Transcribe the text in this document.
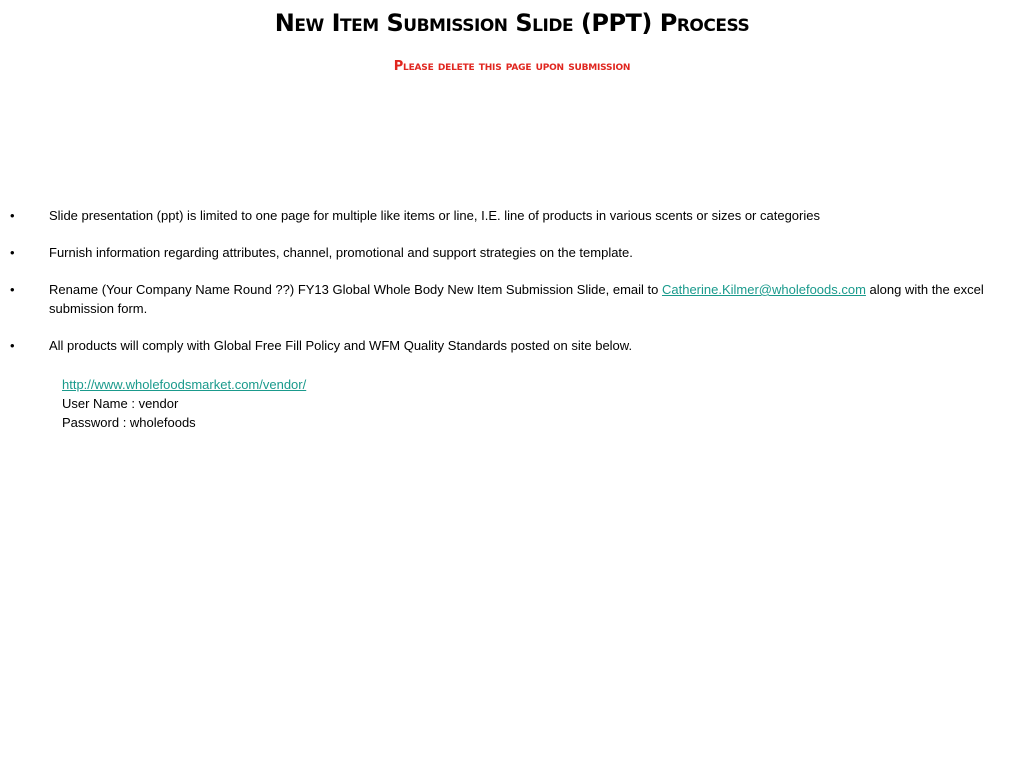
New Item Submission Slide (PPT) Process
Please delete this page upon submission
•	Slide presentation (ppt) is limited to one page for multiple like items or line, I.E. line of products in various scents or sizes or categories
•	Furnish information regarding attributes, channel, promotional and support strategies on the template.
•	Rename (Your Company Name Round ??) FY13 Global Whole Body New Item Submission Slide, email to Catherine.Kilmer@wholefoods.com along with the excel submission form.
•	All products will comply with Global Free Fill Policy and WFM Quality Standards posted on site below.
http://www.wholefoodsmarket.com/vendor/
User Name : vendor
Password : wholefoods
